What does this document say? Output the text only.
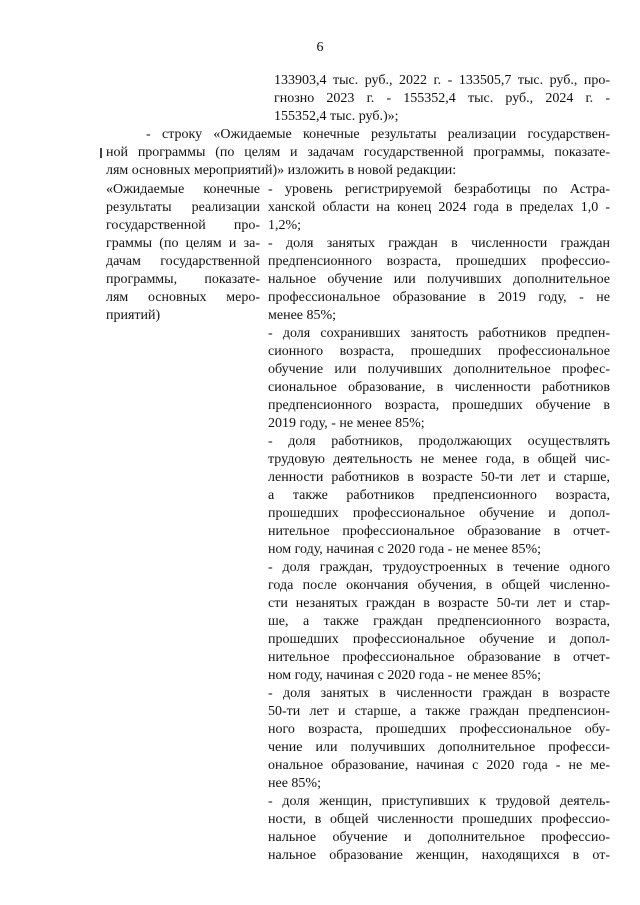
6
133903,4 тыс. руб., 2022 г. - 133505,7 тыс. руб., про-
гнозно 2023 г. - 155352,4 тыс. руб., 2024 г. -
155352,4 тыс. руб.)»;
- строку «Ожидаемые конечные результаты реализации государствен-
ной программы (по целям и задачам государственной программы, показате-
лям основных мероприятий)» изложить в новой редакции:
«Ожидаемые конечные
результаты реализации
государственной про-
граммы (по целям и за-
дачам государственной
программы, показате-
лям основных меро-
приятий)
- уровень регистрируемой безработицы по Астра-
ханской области на конец 2024 года в пределах 1,0 -
1,2%;
- доля занятых граждан в численности граждан
предпенсионного возраста, прошедших профессио-
нальное обучение или получивших дополнительное
профессиональное образование в 2019 году, - не
менее 85%;
- доля сохранивших занятость работников предпен-
сионного возраста, прошедших профессиональное
обучение или получивших дополнительное профес-
сиональное образование, в численности работников
предпенсионного возраста, прошедших обучение в
2019 году, - не менее 85%;
- доля работников, продолжающих осуществлять
трудовую деятельность не менее года, в общей чис-
ленности работников в возрасте 50-ти лет и старше,
а также работников предпенсионного возраста,
прошедших профессиональное обучение и допол-
нительное профессиональное образование в отчет-
ном году, начиная с 2020 года - не менее 85%;
- доля граждан, трудоустроенных в течение одного
года после окончания обучения, в общей численно-
сти незанятых граждан в возрасте 50-ти лет и стар-
ше, а также граждан предпенсионного возраста,
прошедших профессиональное обучение и допол-
нительное профессиональное образование в отчет-
ном году, начиная с 2020 года - не менее 85%;
- доля занятых в численности граждан в возрасте
50-ти лет и старше, а также граждан предпенсион-
ного возраста, прошедших профессиональное обу-
чение или получивших дополнительное професси-
ональное образование, начиная с 2020 года - не ме-
нее 85%;
- доля женщин, приступивших к трудовой деятель-
ности, в общей численности прошедших профессио-
нальное обучение и дополнительное профессио-
нальное образование женщин, находящихся в от-
